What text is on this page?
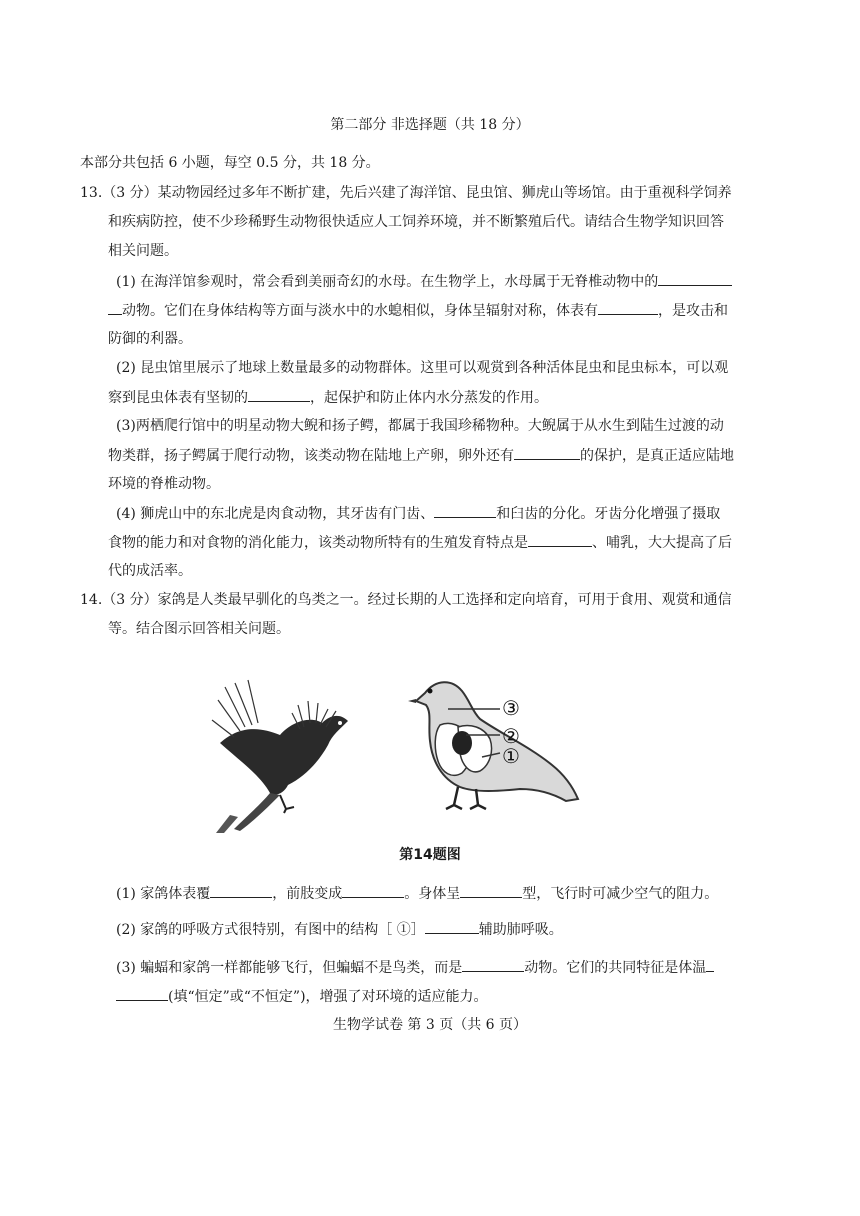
第二部分 非选择题（共 18 分）
本部分共包括 6 小题，每空 0.5 分，共 18 分。
13.（3 分）某动物园经过多年不断扩建，先后兴建了海洋馆、昆虫馆、狮虎山等场馆。由于重视科学饲养
和疾病防控，使不少珍稀野生动物很快适应人工饲养环境，并不断繁殖后代。请结合生物学知识回答
相关问题。
(1) 在海洋馆参观时，常会看到美丽奇幻的水母。在生物学上，水母属于无脊椎动物中的
动物。它们在身体结构等方面与淡水中的水螅相似，身体呈辐射对称，体表有	，是攻击和
防御的利器。
(2) 昆虫馆里展示了地球上数量最多的动物群体。这里可以观赏到各种活体昆虫和昆虫标本，可以观
察到昆虫体表有坚韧的	，起保护和防止体内水分蒸发的作用。
(3)两栖爬行馆中的明星动物大鲵和扬子鳄，都属于我国珍稀物种。大鲵属于从水生到陆生过渡的动
物类群，扬子鳄属于爬行动物，该类动物在陆地上产卵，卵外还有	的保护，是真正适应陆地
环境的脊椎动物。
(4) 狮虎山中的东北虎是肉食动物，其牙齿有门齿、	和臼齿的分化。牙齿分化增强了摄取
食物的能力和对食物的消化能力，该类动物所特有的生殖发育特点是	、哺乳，大大提高了后
代的成活率。
14.（3 分）家鸽是人类最早驯化的鸟类之一。经过长期的人工选择和定向培育，可用于食用、观赏和通信
等。结合图示回答相关问题。
③
②
①
第14题图
(1) 家鸽体表覆	，前肢变成	。身体呈	型，飞行时可减少空气的阻力。
(2) 家鸽的呼吸方式很特别，有图中的结构［ ①］	辅助肺呼吸。
(3) 蝙蝠和家鸽一样都能够飞行，但蝙蝠不是鸟类，而是	动物。它们的共同特征是体温
(填“恒定”或“不恒定”)，增强了对环境的适应能力。
生物学试卷 第 3 页（共 6 页）
